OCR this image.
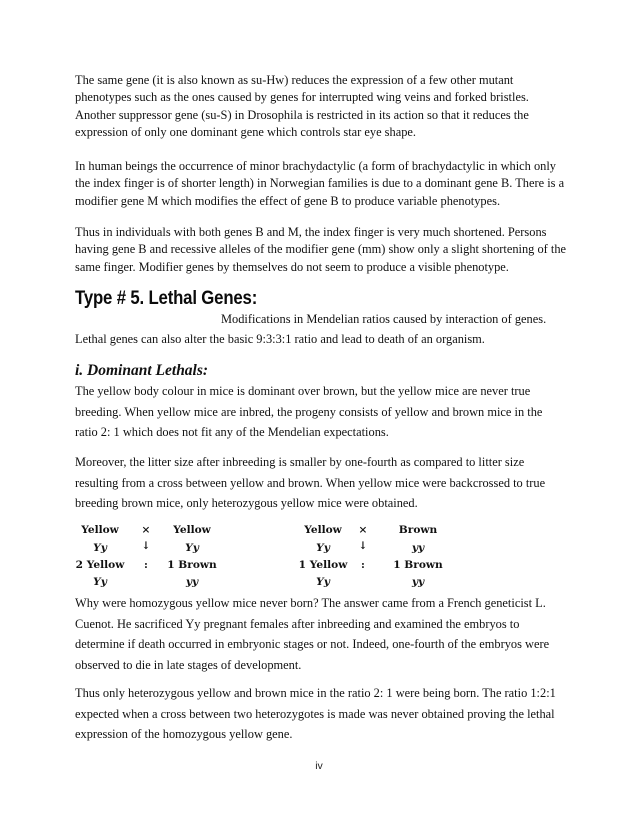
The same gene (it is also known as su-Hw) reduces the expression of a few other mutant phenotypes such as the ones caused by genes for interrupted wing veins and forked bristles. Another suppressor gene (su-S) in Drosophila is restricted in its action so that it reduces the expression of only one dominant gene which controls star eye shape.

In human beings the occurrence of minor brachydactylic (a form of brachydactylic in which only the index finger is of shorter length) in Norwegian families is due to a dominant gene B. There is a modifier gene M which modifies the effect of gene B to produce variable phenotypes.

Thus in individuals with both genes B and M, the index finger is very much shortened. Persons having gene B and recessive alleles of the modifier gene (mm) show only a slight shortening of the same finger. Modifier genes by themselves do not seem to produce a visible phenotype.

Type # 5. Lethal Genes:

Modifications in Mendelian ratios caused by interaction of genes.

Lethal genes can also alter the basic 9:3:3:1 ratio and lead to death of an organism.

i. Dominant Lethals:

The yellow body colour in mice is dominant over brown, but the yellow mice are never true breeding. When yellow mice are inbred, the progeny consists of yellow and brown mice in the ratio 2: 1 which does not fit any of the Mendelian expectations.

Moreover, the litter size after inbreeding is smaller by one-fourth as compared to litter size resulting from a cross between yellow and brown. When yellow mice were backcrossed to true breeding brown mice, only heterozygous yellow mice were obtained.

Yellow	×	Yellow
Yy	↓	Yy
2 Yellow	:	1 Brown
Yy	yy
Yellow	×	Brown
Yy	↓	yy
1 Yellow	:	1 Brown
Yy	yy

Why were homozygous yellow mice never born? The answer came from a French geneticist L. Cuenot. He sacrificed Yy pregnant females after inbreeding and examined the embryos to determine if death occurred in embryonic stages or not. Indeed, one-fourth of the embryos were observed to die in late stages of development.

Thus only heterozygous yellow and brown mice in the ratio 2: 1 were being born. The ratio 1:2:1 expected when a cross between two heterozygotes is made was never obtained proving the lethal expression of the homozygous yellow gene.

iv
